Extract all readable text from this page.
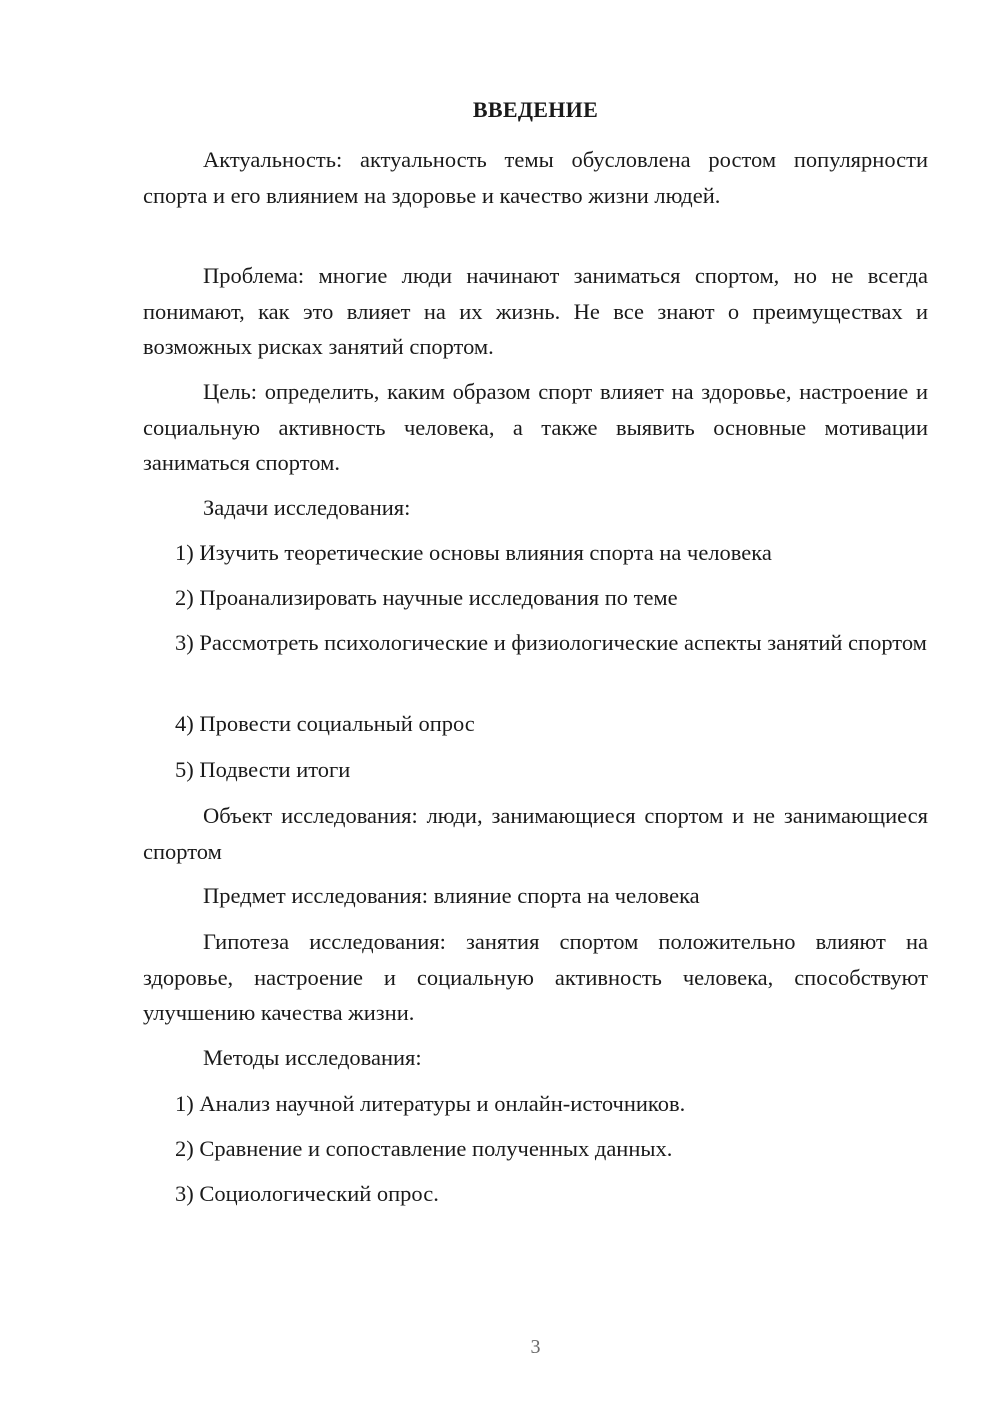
ВВЕДЕНИЕ

Актуальность: актуальность темы обусловлена ростом популярности спорта и его влиянием на здоровье и качество жизни людей.

Проблема: многие люди начинают заниматься спортом, но не всегда понимают, как это влияет на их жизнь. Не все знают о преимуществах и возможных рисках занятий спортом.

Цель: определить, каким образом спорт влияет на здоровье, настроение и социальную активность человека, а также выявить основные мотивации заниматься спортом.

Задачи исследования:

1) Изучить теоретические основы влияния спорта на человека

2) Проанализировать научные исследования по теме

3) Рассмотреть психологические и физиологические аспекты занятий спортом

4) Провести социальный опрос

5) Подвести итоги

Объект исследования: люди, занимающиеся спортом и не занимающиеся спортом

Предмет исследования: влияние спорта на человека

Гипотеза исследования: занятия спортом положительно влияют на здоровье, настроение и социальную активность человека, способствуют улучшению качества жизни.

Методы исследования:

1) Анализ научной литературы и онлайн-источников.

2) Сравнение и сопоставление полученных данных.

3) Социологический опрос.

3
